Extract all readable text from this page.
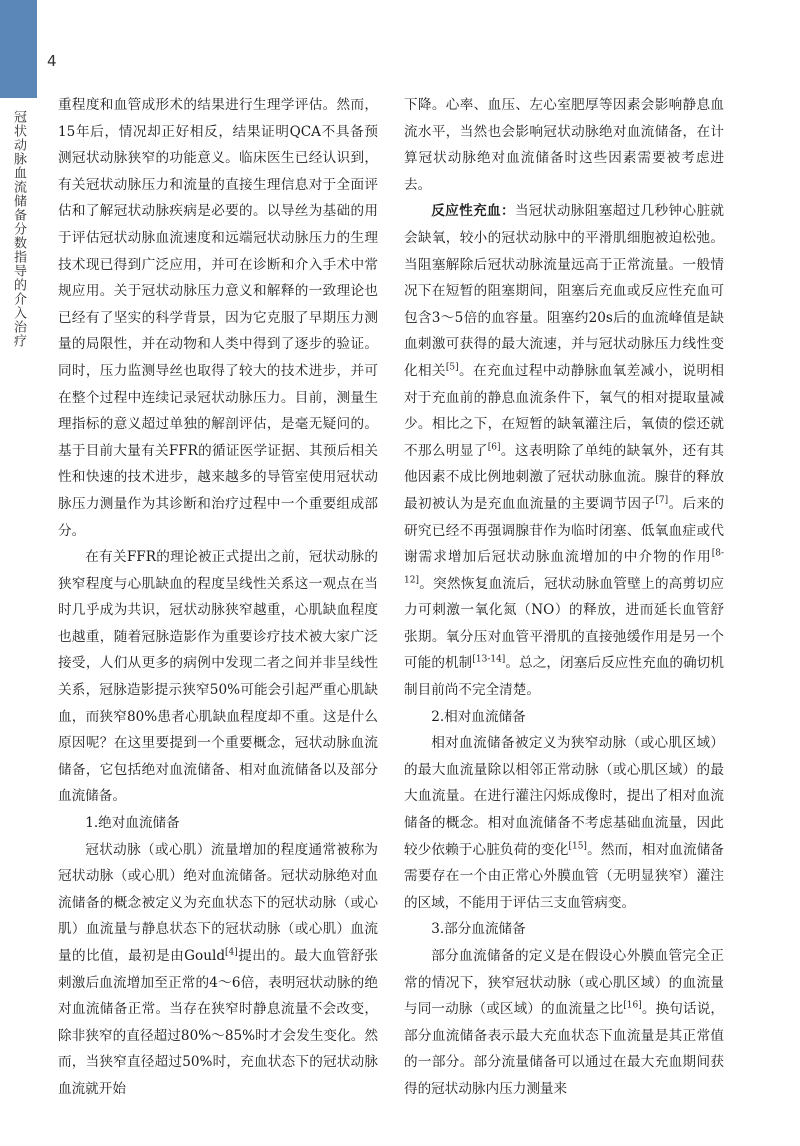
4
冠状动脉血流储备分数指导的介入治疗

重程度和血管成形术的结果进行生理学评估。然而，15年后，情况却正好相反，结果证明QCA不具备预测冠状动脉狭窄的功能意义。临床医生已经认识到，有关冠状动脉压力和流量的直接生理信息对于全面评估和了解冠状动脉疾病是必要的。以导丝为基础的用于评估冠状动脉血流速度和远端冠状动脉压力的生理技术现已得到广泛应用，并可在诊断和介入手术中常规应用。关于冠状动脉压力意义和解释的一致理论也已经有了坚实的科学背景，因为它克服了早期压力测量的局限性，并在动物和人类中得到了逐步的验证。同时，压力监测导丝也取得了较大的技术进步，并可在整个过程中连续记录冠状动脉压力。目前，测量生理指标的意义超过单独的解剖评估，是毫无疑问的。基于目前大量有关FFR的循证医学证据、其预后相关性和快速的技术进步，越来越多的导管室使用冠状动脉压力测量作为其诊断和治疗过程中一个重要组成部分。

在有关FFR的理论被正式提出之前，冠状动脉的狭窄程度与心肌缺血的程度呈线性关系这一观点在当时几乎成为共识，冠状动脉狭窄越重，心肌缺血程度也越重，随着冠脉造影作为重要诊疗技术被大家广泛接受，人们从更多的病例中发现二者之间并非呈线性关系，冠脉造影提示狭窄50%可能会引起严重心肌缺血，而狭窄80%患者心肌缺血程度却不重。这是什么原因呢？在这里要提到一个重要概念，冠状动脉血流储备，它包括绝对血流储备、相对血流储备以及部分血流储备。

1.绝对血流储备

冠状动脉（或心肌）流量增加的程度通常被称为冠状动脉（或心肌）绝对血流储备。冠状动脉绝对血流储备的概念被定义为充血状态下的冠状动脉（或心肌）血流量与静息状态下的冠状动脉（或心肌）血流量的比值，最初是由Gould[4]提出的。最大血管舒张刺激后血流增加至正常的4～6倍，表明冠状动脉的绝对血流储备正常。当存在狭窄时静息流量不会改变，除非狭窄的直径超过80%～85%时才会发生变化。然而，当狭窄直径超过50%时，充血状态下的冠状动脉血流就开始

下降。心率、血压、左心室肥厚等因素会影响静息血流水平，当然也会影响冠状动脉绝对血流储备，在计算冠状动脉绝对血流储备时这些因素需要被考虑进去。

反应性充血：当冠状动脉阻塞超过几秒钟心脏就会缺氧，较小的冠状动脉中的平滑肌细胞被迫松弛。当阻塞解除后冠状动脉流量远高于正常流量。一般情况下在短暂的阻塞期间，阻塞后充血或反应性充血可包含3～5倍的血容量。阻塞约20s后的血流峰值是缺血刺激可获得的最大流速，并与冠状动脉压力线性变化相关[5]。在充血过程中动静脉血氧差减小，说明相对于充血前的静息血流条件下，氧气的相对提取量减少。相比之下，在短暂的缺氧灌注后，氧债的偿还就不那么明显了[6]。这表明除了单纯的缺氧外，还有其他因素不成比例地刺激了冠状动脉血流。腺苷的释放最初被认为是充血血流量的主要调节因子[7]。后来的研究已经不再强调腺苷作为临时闭塞、低氧血症或代谢需求增加后冠状动脉血流增加的中介物的作用[8-12]。突然恢复血流后，冠状动脉血管壁上的高剪切应力可刺激一氧化氮（NO）的释放，进而延长血管舒张期。氧分压对血管平滑肌的直接弛缓作用是另一个可能的机制[13-14]。总之，闭塞后反应性充血的确切机制目前尚不完全清楚。

2.相对血流储备

相对血流储备被定义为狭窄动脉（或心肌区域）的最大血流量除以相邻正常动脉（或心肌区域）的最大血流量。在进行灌注闪烁成像时，提出了相对血流储备的概念。相对血流储备不考虑基础血流量，因此较少依赖于心脏负荷的变化[15]。然而，相对血流储备需要存在一个由正常心外膜血管（无明显狭窄）灌注的区域，不能用于评估三支血管病变。

3.部分血流储备

部分血流储备的定义是在假设心外膜血管完全正常的情况下，狭窄冠状动脉（或心肌区域）的血流量与同一动脉（或区域）的血流量之比[16]。换句话说，部分血流储备表示最大充血状态下血流量是其正常值的一部分。部分流量储备可以通过在最大充血期间获得的冠状动脉内压力测量来
